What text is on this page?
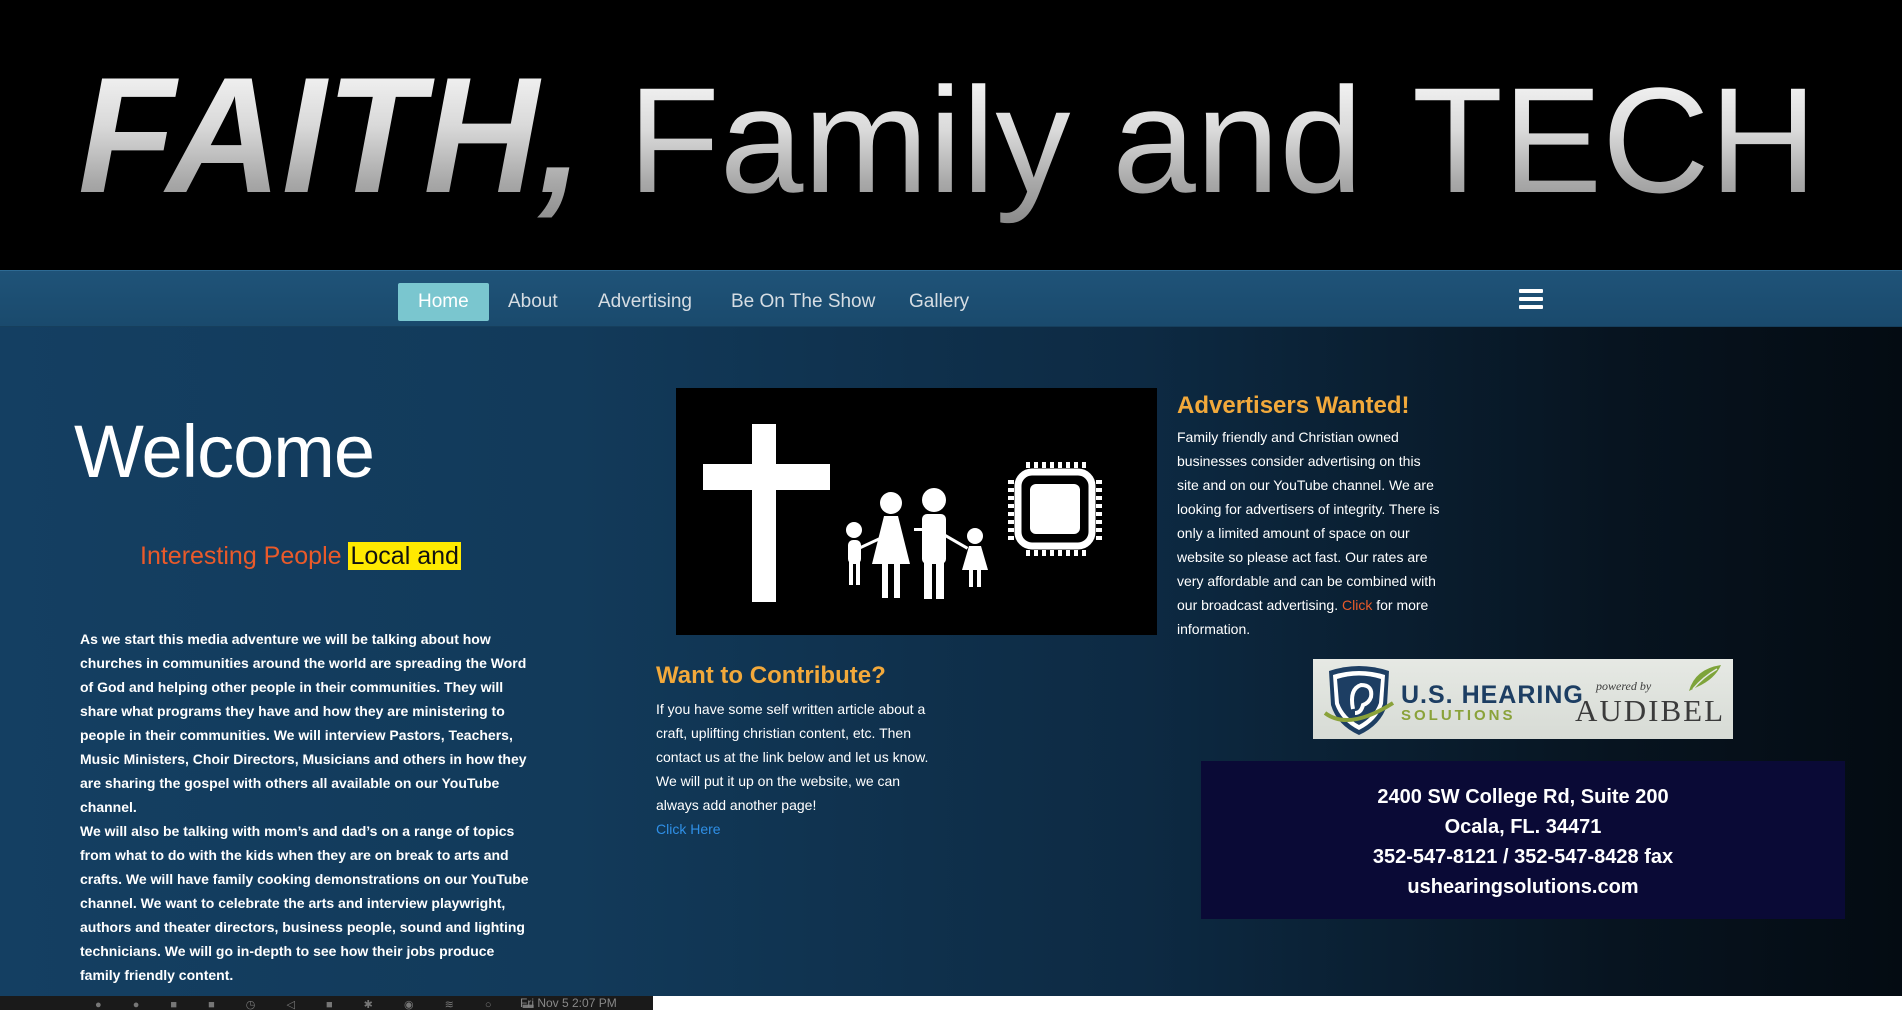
FAITH, Family and TECH
Home	About	Advertising	Be On The Show	Gallery
Welcome
Interesting People Local and

As we start this media adventure we will be talking about how churches in communities around the world are spreading the Word of God and helping other people in their communities. They will share what programs they have and how they are ministering to people in their communities. We will interview Pastors, Teachers, Music Ministers, Choir Directors, Musicians and others in how they are sharing the gospel with others all available on our YouTube channel.

We will also be talking with mom’s and dad’s on a range of topics from what to do with the kids when they are on break to arts and crafts. We will have family cooking demonstrations on our YouTube channel. We want to celebrate the arts and interview playwright, authors and theater directors, business people, sound and lighting technicians. We will go in-depth to see how their jobs produce family friendly content.

Want to Contribute?

If you have some self written article about a craft, uplifting christian content, etc. Then contact us at the link below and let us know. We will put it up on the website, we can always add another page!

Click Here
Advertisers Wanted!

Family friendly and Christian owned businesses consider advertising on this site and on our YouTube channel. We are looking for advertisers of integrity. There is only a limited amount of space on our website so please act fast. Our rates are very affordable and can be combined with our broadcast advertising. Click for more information.

U.S. HEARING
SOLUTIONS
powered by
AUDIBEL
2400 SW College Rd, Suite 200
Ocala, FL. 34471
352-547-8121 / 352-547-8428 fax
ushearingsolutions.com
● ● ■ ■ ◷ ◁ ■ ✱ ◉ ≋ ○ ▬
Fri Nov 5 2:07 PM
